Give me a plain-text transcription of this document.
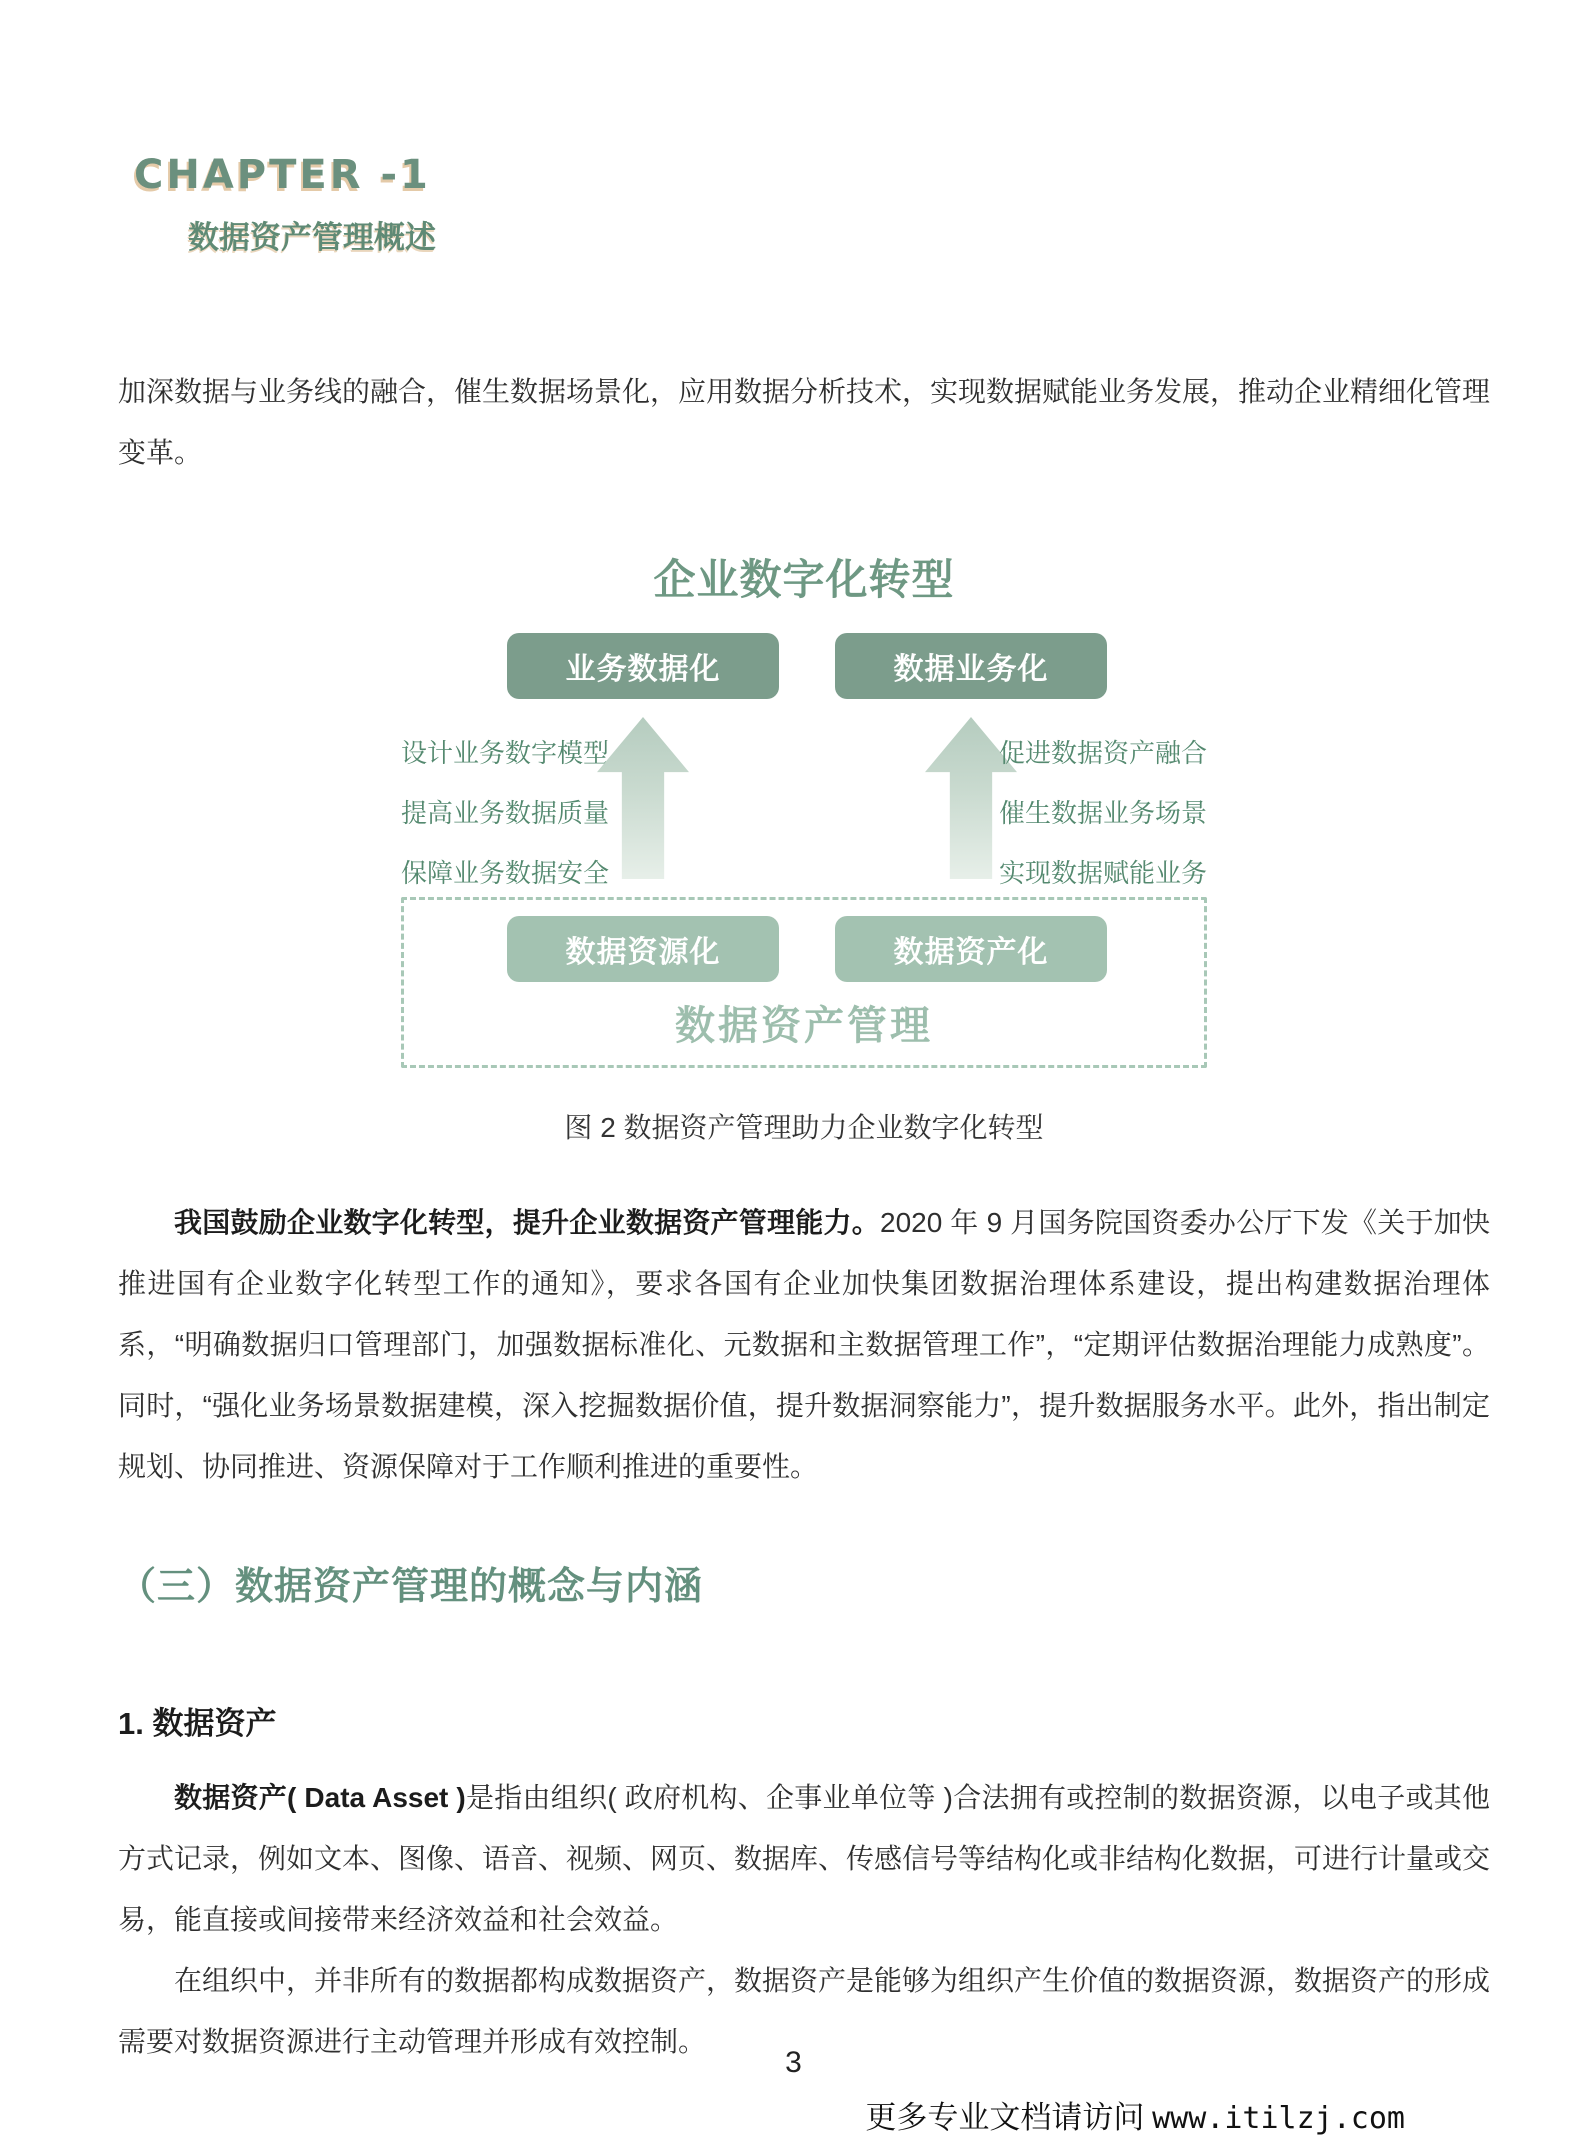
CHAPTER -1
数据资产管理概述

加深数据与业务线的融合，催生数据场景化，应用数据分析技术，实现数据赋能业务发展，推动企业精细化管理变革。

企业数字化转型
业务数据化	数据业务化
设计业务数字模型
提高业务数据质量
保障业务数据安全
促进数据资产融合
催生数据业务场景
实现数据赋能业务
数据资源化	数据资产化
数据资产管理
图 2 数据资产管理助力企业数字化转型

我国鼓励企业数字化转型，提升企业数据资产管理能力。2020 年 9 月国务院国资委办公厅下发《关于加快推进国有企业数字化转型工作的通知》，要求各国有企业加快集团数据治理体系建设，提出构建数据治理体系，“明确数据归口管理部门，加强数据标准化、元数据和主数据管理工作”，“定期评估数据治理能力成熟度”。同时，“强化业务场景数据建模，深入挖掘数据价值，提升数据洞察能力”，提升数据服务水平。此外，指出制定规划、协同推进、资源保障对于工作顺利推进的重要性。

（三）数据资产管理的概念与内涵
1. 数据资产

数据资产( Data Asset )是指由组织( 政府机构、企事业单位等 )合法拥有或控制的数据资源，以电子或其他方式记录，例如文本、图像、语音、视频、网页、数据库、传感信号等结构化或非结构化数据，可进行计量或交易，能直接或间接带来经济效益和社会效益。

在组织中，并非所有的数据都构成数据资产，数据资产是能够为组织产生价值的数据资源，数据资产的形成需要对数据资源进行主动管理并形成有效控制。

3
更多专业文档请访问 www.itilzj.com
